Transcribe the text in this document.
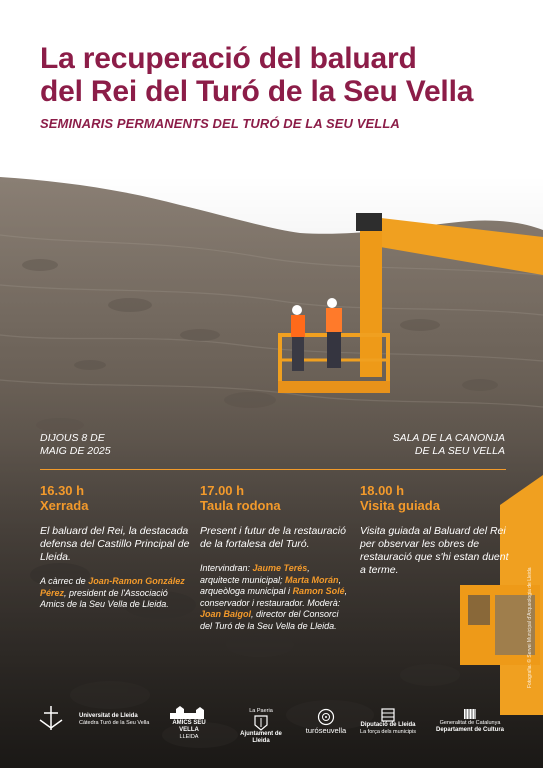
La recuperació del baluard
del Rei del Turó de la Seu Vella
SEMINARIS PERMANENTS DEL TURÓ DE LA SEU VELLA
DIJOUS 8 DE
MAIG DE 2025
SALA DE LA CANONJA
DE LA SEU VELLA
16.30 h
Xerrada
El baluard del Rei, la destacada defensa del Castillo Principal de Lleida.
A càrrec de Joan-Ramon González Pérez, president de l'Associació Amics de la Seu Vella de Lleida.
17.00 h
Taula rodona
Present i futur de la restauració de la fortalesa del Turó.
Intervindran: Jaume Terés, arquitecte municipal; Marta Morán, arqueòloga municipal i Ramon Solé, conservador i restaurador. Moderà: Joan Baigol, director del Consorci del Turó de la Seu Vella de Lleida.
18.00 h
Visita guiada
Visita guiada al Baluard del Rei per observar les obres de restauració que s'hi estan duent a terme.	Fotografia: © Servei Municipal d'Arqueologia de Lleida
Universitat de Lleida
Càtedra Turó de la Seu Vella	AMICS SEU VELLA
LLEIDA
La Paeria
Ajuntament de Lleida
turóseuvella
Diputació de Lleida
La força dels municipis
Generalitat de Catalunya
Departament de Cultura
